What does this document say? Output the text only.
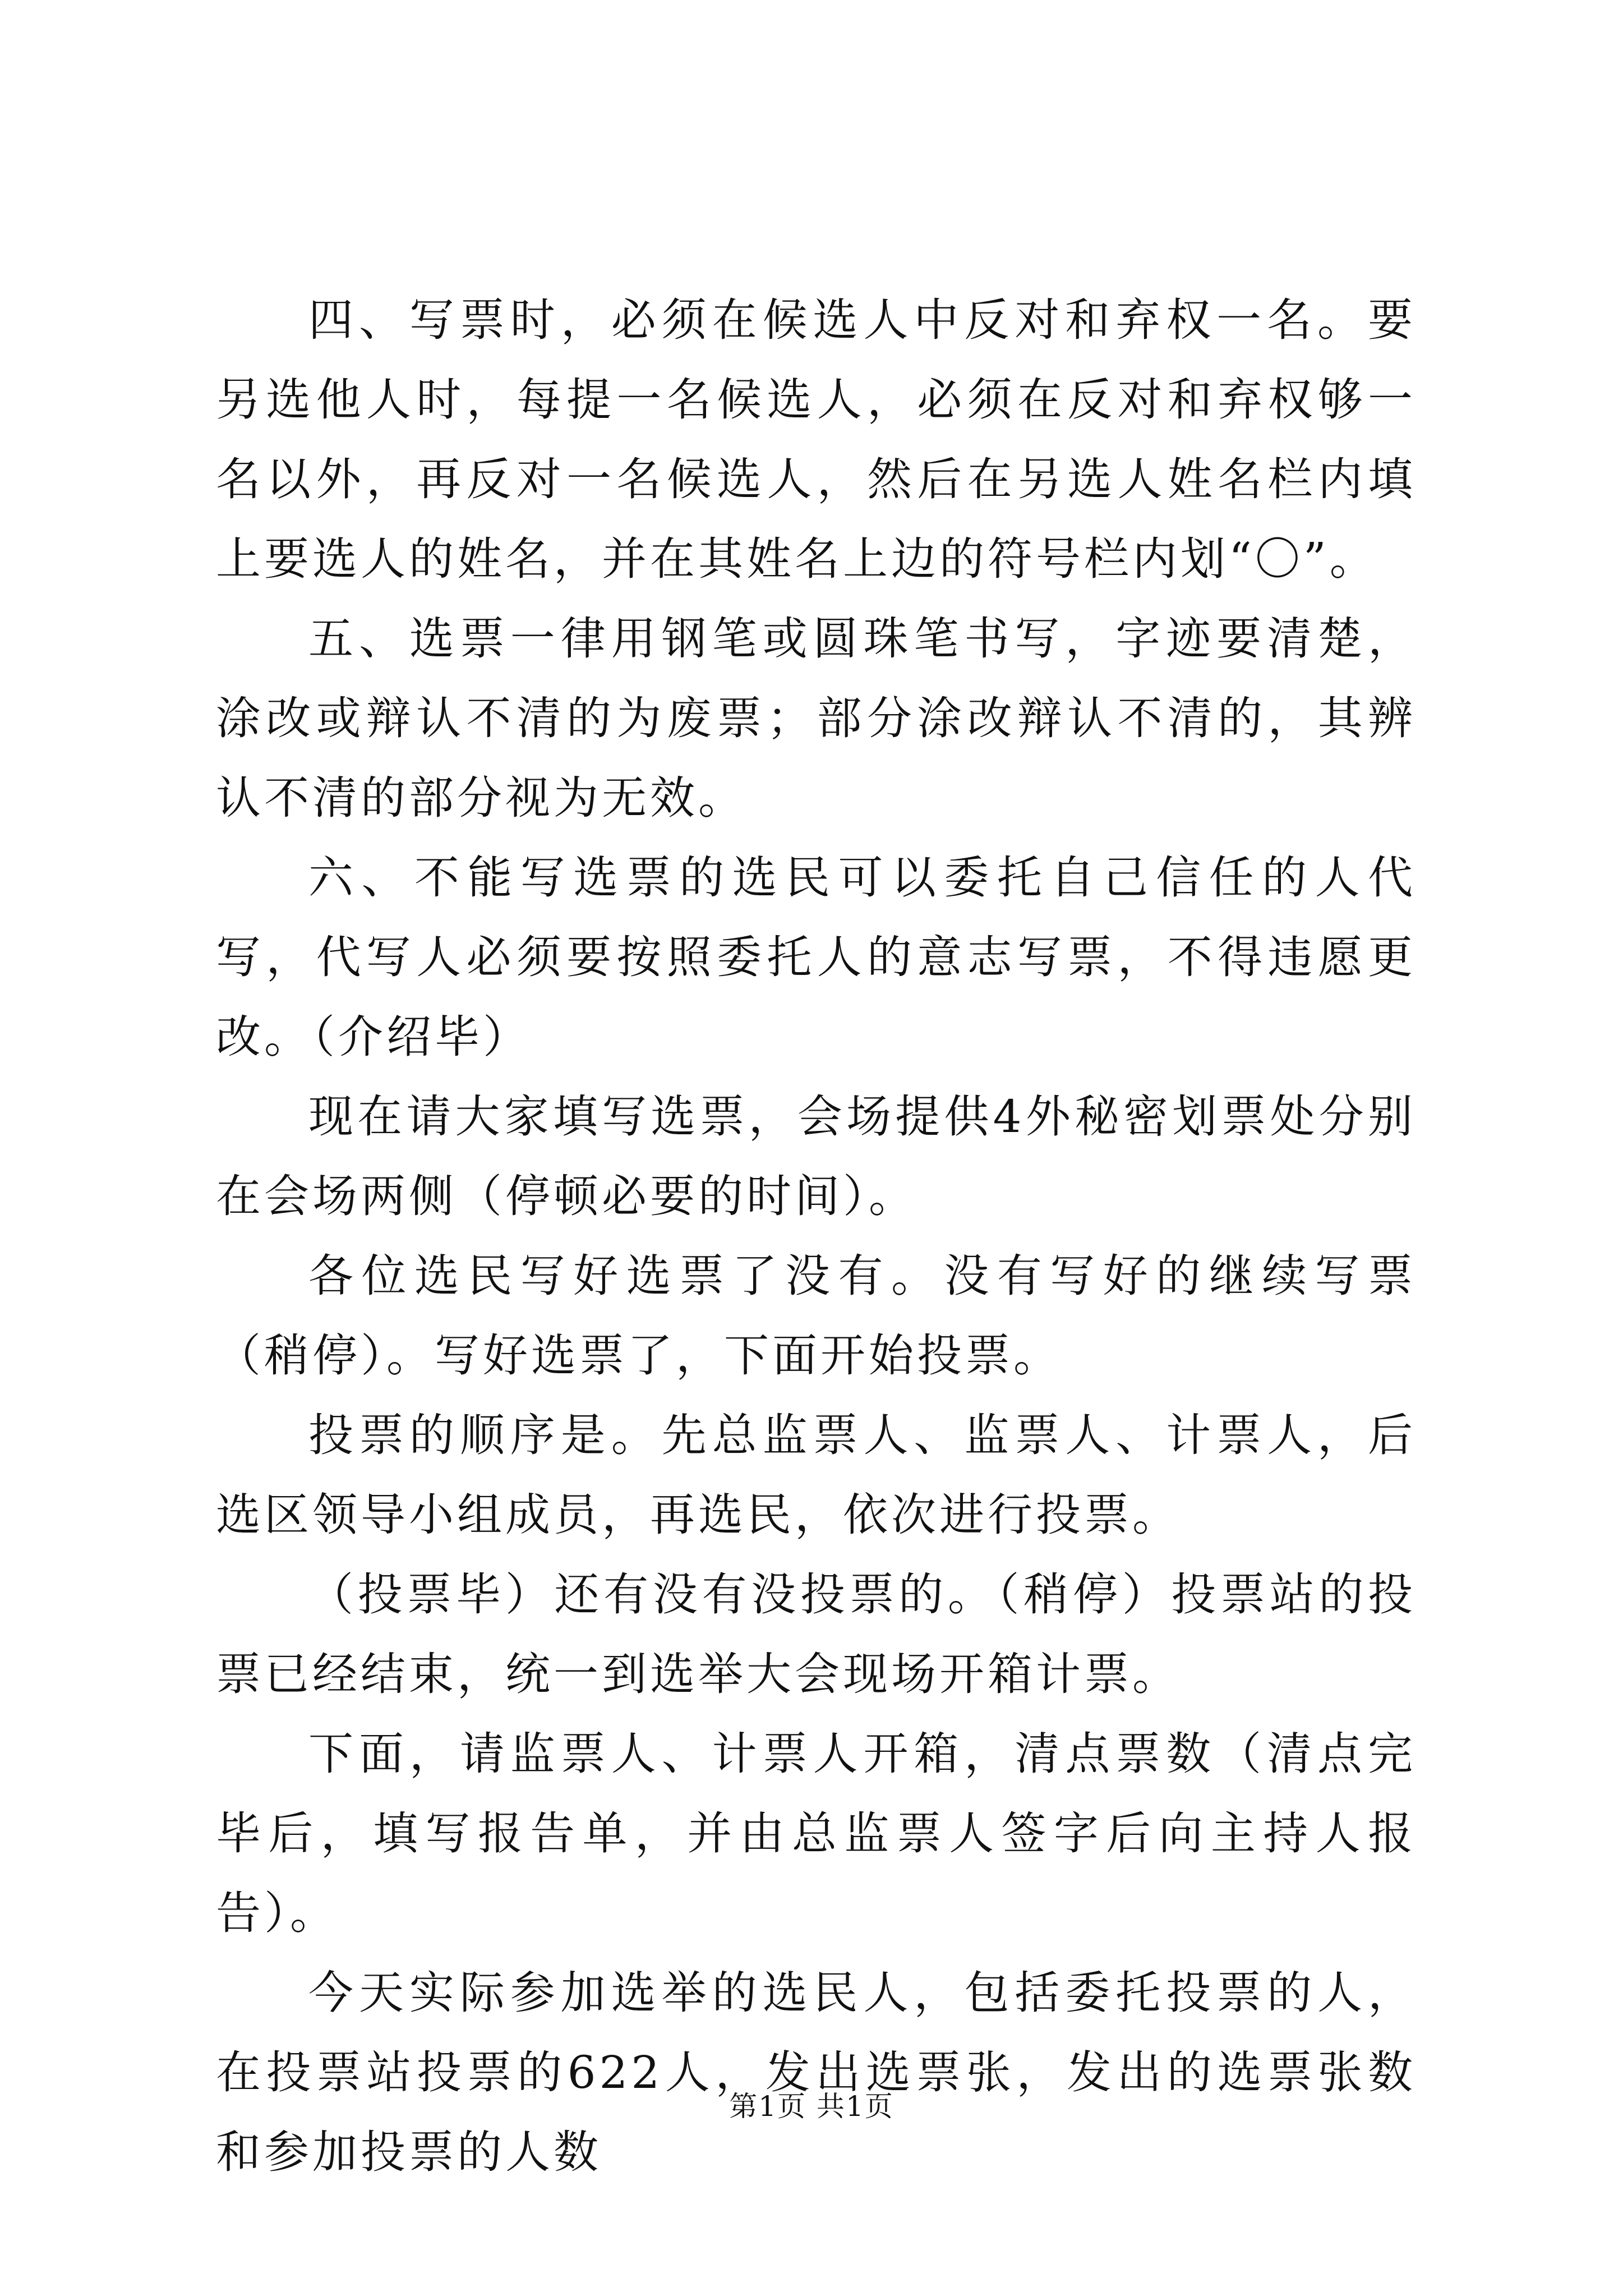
四、写票时，必须在候选人中反对和弃权一名。要另选他人时，每提一名候选人，必须在反对和弃权够一名以外，再反对一名候选人，然后在另选人姓名栏内填上要选人的姓名，并在其姓名上边的符号栏内划“〇”。

五、选票一律用钢笔或圆珠笔书写，字迹要清楚，涂改或辩认不清的为废票；部分涂改辩认不清的，其辨认不清的部分视为无效。

六、不能写选票的选民可以委托自己信任的人代写，代写人必须要按照委托人的意志写票，不得违愿更改。（介绍毕）

现在请大家填写选票，会场提供4外秘密划票处分别在会场两侧（停顿必要的时间）。

各位选民写好选票了没有。没有写好的继续写票（稍停）。写好选票了，下面开始投票。

投票的顺序是。先总监票人、监票人、计票人，后选区领导小组成员，再选民，依次进行投票。

（投票毕）还有没有没投票的。（稍停）投票站的投票已经结束，统一到选举大会现场开箱计票。

下面，请监票人、计票人开箱，清点票数（清点完毕后，填写报告单，并由总监票人签字后向主持人报告）。

今天实际参加选举的选民人，包括委托投票的人，在投票站投票的622人，发出选票张，发出的选票张数和参加投票的人数

第1页 共1页
